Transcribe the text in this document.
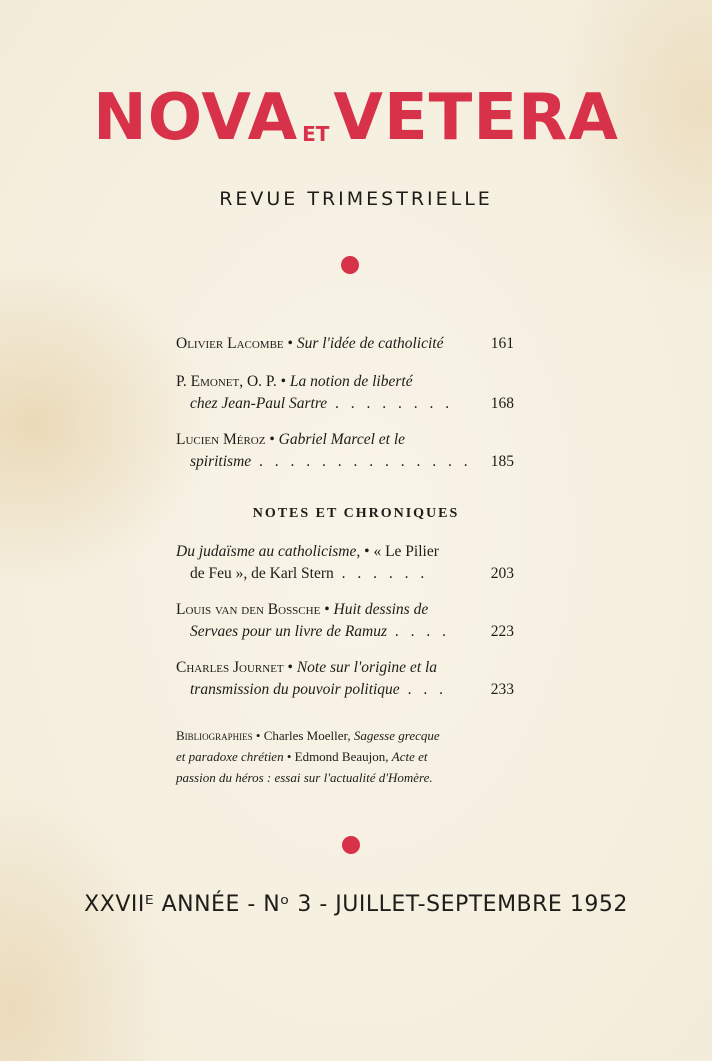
NOVA ETVETERA
REVUE TRIMESTRIELLE
Olivier Lacombe • Sur l'idée de catholicité	161
P. Emonet, O. P. • La notion de liberté
chez Jean-Paul Sartre . . . . . . . . 168
Lucien Méroz • Gabriel Marcel et le
spiritisme . . . . . . . . . . . . . . 185
NOTES ET CHRONIQUES
Du judaïsme au catholicisme, • « Le Pilier
de Feu », de Karl Stern . . . . . .	203
Louis van den Bossche • Huit dessins de
Servaes pour un livre de Ramuz . . . .	223
Charles Journet • Note sur l'origine et la
transmission du pouvoir politique . . .	233
Bibliographies • Charles Moeller, Sagesse grecque
et paradoxe chrétien • Edmond Beaujon, Acte et
passion du héros : essai sur l'actualité d'Homère.
XXVIIᴱ ANNÉE - Nᵒ 3 - JUILLET-SEPTEMBRE 1952
